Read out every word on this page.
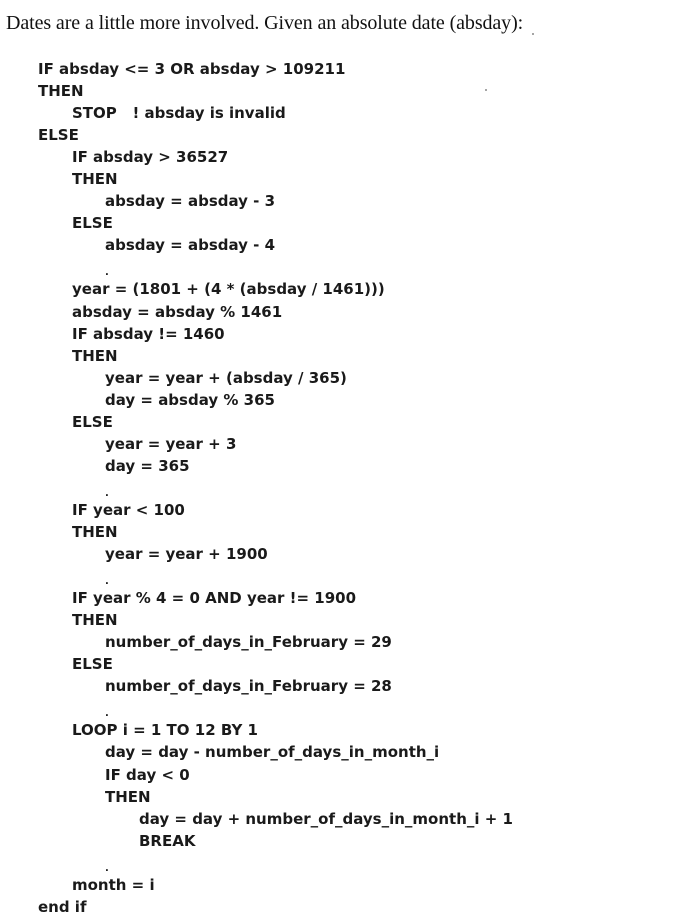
Dates are a little more involved. Given an absolute date (absday):
IF absday <= 3 OR absday > 109211
THEN
STOP   ! absday is invalid
ELSE
IF absday > 36527
THEN
absday = absday - 3
ELSE
absday = absday - 4
.
year = (1801 + (4 * (absday / 1461)))
absday = absday % 1461
IF absday != 1460
THEN
year = year + (absday / 365)
day = absday % 365
ELSE
year = year + 3
day = 365
.
IF year < 100
THEN
year = year + 1900
.
IF year % 4 = 0 AND year != 1900
THEN
number_of_days_in_February = 29
ELSE
number_of_days_in_February = 28
.
LOOP i = 1 TO 12 BY 1
day = day - number_of_days_in_month_i
IF day < 0
THEN
day = day + number_of_days_in_month_i + 1
BREAK
.
month = i
end if
